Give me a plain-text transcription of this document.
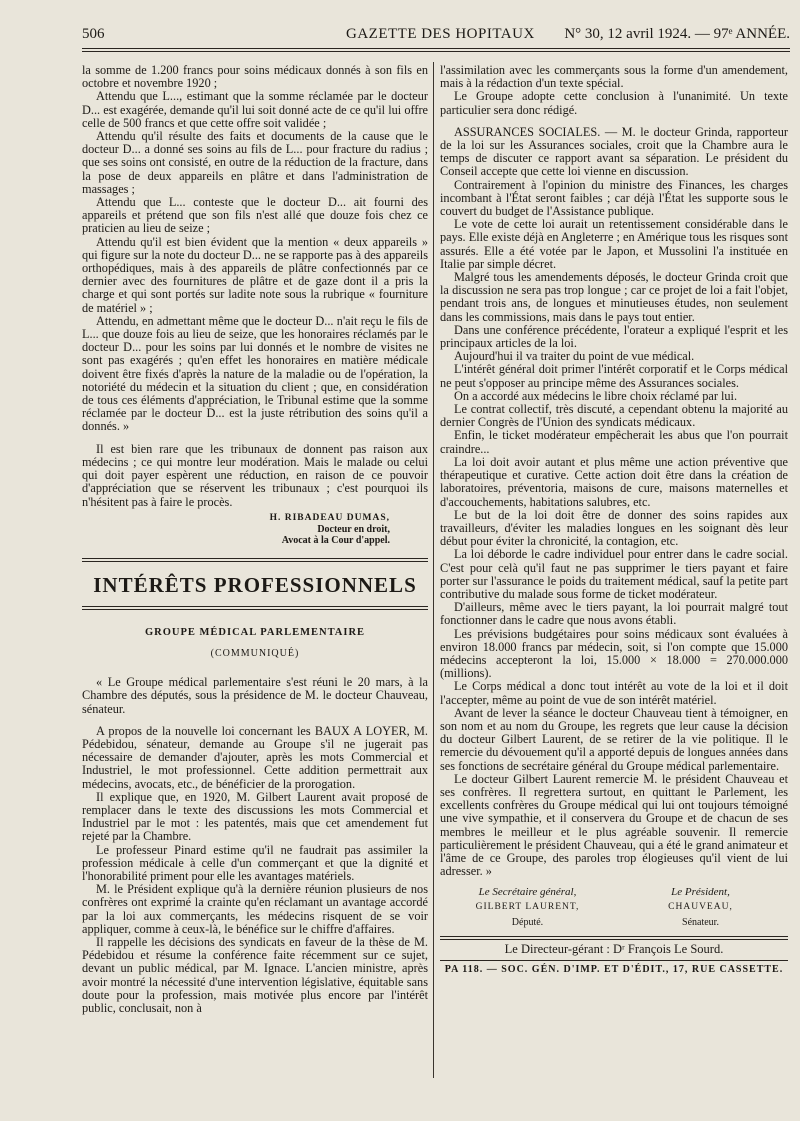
506	GAZETTE DES HOPITAUX N° 30, 12 avril 1924. — 97ᵉ ANNÉE.

la somme de 1.200 francs pour soins médicaux donnés à son fils en octobre et novembre 1920 ;

Attendu que L..., estimant que la somme réclamée par le docteur D... est exagérée, demande qu'il lui soit donné acte de ce qu'il lui offre celle de 500 francs et que cette offre soit validée ;

Attendu qu'il résulte des faits et documents de la cause que le docteur D... a donné ses soins au fils de L... pour fracture du radius ; que ses soins ont consisté, en outre de la réduction de la fracture, dans la pose de deux appareils en plâtre et dans l'administration de massages ;

Attendu que L... conteste que le docteur D... ait fourni des appareils et prétend que son fils n'est allé que douze fois chez ce praticien au lieu de seize ;

Attendu qu'il est bien évident que la mention « deux appareils » qui figure sur la note du docteur D... ne se rapporte pas à des appareils orthopédiques, mais à des appareils de plâtre confectionnés par ce dernier avec des fournitures de plâtre et de gaze dont il a pris la charge et qui sont portés sur ladite note sous la rubrique « fourniture de matériel » ;

Attendu, en admettant même que le docteur D... n'ait reçu le fils de L... que douze fois au lieu de seize, que les honoraires réclamés par le docteur D... pour les soins par lui donnés et le nombre de visites ne sont pas exagérés ; qu'en effet les honoraires en matière médicale doivent être fixés d'après la nature de la maladie ou de l'opération, la notoriété du médecin et la situation du client ; que, en considération de tous ces éléments d'appréciation, le Tribunal estime que la somme réclamée par le docteur D... est la juste rétribution des soins qu'il a donnés. »

Il est bien rare que les tribunaux de donnent pas raison aux médecins ; ce qui montre leur modération. Mais le malade ou celui qui doit payer espèrent une réduction, en raison de ce pouvoir d'appréciation que se réservent les tribunaux ; c'est pourquoi ils n'hésitent pas à faire le procès.

H. RIBADEAU DUMAS,
Docteur en droit,
Avocat à la Cour d'appel.
INTÉRÊTS PROFESSIONNELS
GROUPE MÉDICAL PARLEMENTAIRE
(COMMUNIQUÉ)

« Le Groupe médical parlementaire s'est réuni le 20 mars, à la Chambre des députés, sous la présidence de M. le docteur Chauveau, sénateur.

A propos de la nouvelle loi concernant les BAUX A LOYER, M. Pédebidou, sénateur, demande au Groupe s'il ne jugerait pas nécessaire de demander d'ajouter, après les mots Commercial et Industriel, le mot professionnel. Cette addition permettrait aux médecins, avocats, etc., de bénéficier de la prorogation.

Il explique que, en 1920, M. Gilbert Laurent avait proposé de remplacer dans le texte des discussions les mots Commercial et Industriel par le mot : les patentés, mais que cet amendement fut rejeté par la Chambre.

Le professeur Pinard estime qu'il ne faudrait pas assimiler la profession médicale à celle d'un commerçant et que la dignité et l'honorabilité priment pour elle les avantages matériels.

M. le Président explique qu'à la dernière réunion plusieurs de nos confrères ont exprimé la crainte qu'en réclamant un avantage accordé par la loi aux commerçants, les médecins risquent de se voir appliquer, comme à ceux-là, le bénéfice sur le chiffre d'affaires.

Il rappelle les décisions des syndicats en faveur de la thèse de M. Pédebidou et résume la conférence faite récemment sur ce sujet, devant un public médical, par M. Ignace. L'ancien ministre, après avoir montré la nécessité d'une intervention législative, équitable sans doute pour la profession, mais motivée plus encore par l'intérêt public, conclusait, non à

l'assimilation avec les commerçants sous la forme d'un amendement, mais à la rédaction d'un texte spécial.

Le Groupe adopte cette conclusion à l'unanimité. Un texte particulier sera donc rédigé.

ASSURANCES SOCIALES. — M. le docteur Grinda, rapporteur de la loi sur les Assurances sociales, croit que la Chambre aura le temps de discuter ce rapport avant sa séparation. Le président du Conseil accepte que cette loi vienne en discussion.

Contrairement à l'opinion du ministre des Finances, les charges incombant à l'État seront faibles ; car déjà l'État les supporte sous le couvert du budget de l'Assistance publique.

Le vote de cette loi aurait un retentissement considérable dans le pays. Elle existe déjà en Angleterre ; en Amérique tous les risques sont assurés. Elle a été votée par le Japon, et Mussolini l'a instituée en Italie par simple décret.

Malgré tous les amendements déposés, le docteur Grinda croit que la discussion ne sera pas trop longue ; car ce projet de loi a fait l'objet, pendant trois ans, de longues et minutieuses études, non seulement dans les commissions, mais dans le pays tout entier.

Dans une conférence précédente, l'orateur a expliqué l'esprit et les principaux articles de la loi.

Aujourd'hui il va traiter du point de vue médical.

L'intérêt général doit primer l'intérêt corporatif et le Corps médical ne peut s'opposer au principe même des Assurances sociales.

On a accordé aux médecins le libre choix réclamé par lui.

Le contrat collectif, très discuté, a cependant obtenu la majorité au dernier Congrès de l'Union des syndicats médicaux.

Enfin, le ticket modérateur empêcherait les abus que l'on pourrait craindre...

La loi doit avoir autant et plus même une action préventive que thérapeutique et curative. Cette action doit être dans la création de laboratoires, préventoria, maisons de cure, maisons maternelles et d'accouchements, habitations salubres, etc.

Le but de la loi doit être de donner des soins rapides aux travailleurs, d'éviter les maladies longues en les soignant dès leur début pour éviter la chronicité, la contagion, etc.

La loi déborde le cadre individuel pour entrer dans le cadre social. C'est pour celà qu'il faut ne pas supprimer le tiers payant et faire porter sur l'assurance le poids du traitement médical, sauf la petite part contributive du malade sous forme de ticket modérateur.

D'ailleurs, même avec le tiers payant, la loi pourrait malgré tout fonctionner dans le cadre que nous avons établi.

Les prévisions budgétaires pour soins médicaux sont évaluées à environ 18.000 francs par médecin, soit, si l'on compte que 15.000 médecins accepteront la loi, 15.000 × 18.000 = 270.000.000 (millions).

Le Corps médical a donc tout intérêt au vote de la loi et il doit l'accepter, même au point de vue de son intérêt matériel.

Avant de lever la séance le docteur Chauveau tient à témoigner, en son nom et au nom du Groupe, les regrets que leur cause la décision du docteur Gilbert Laurent, de se retirer de la vie politique. Il le remercie du dévouement qu'il a apporté depuis de longues années dans ses fonctions de secrétaire général du Groupe médical parlementaire.

Le docteur Gilbert Laurent remercie M. le président Chauveau et ses confrères. Il regrettera surtout, en quittant le Parlement, les excellents confrères du Groupe médical qui lui ont toujours témoigné une vive sympathie, et il conservera du Groupe et de chacun de ses membres le meilleur et le plus agréable souvenir. Il remercie particulièrement le président Chauveau, qui a été le grand animateur et l'âme de ce Groupe, des paroles trop élogieuses qu'il vient de lui adresser. »

Le Secrétaire général,	Le Président,
GILBERT LAURENT,	CHAUVEAU,
Député.	Sénateur.
Le Directeur-gérant : Dʳ François Le Sourd.
PA 118. — SOC. GÉN. D'IMP. ET D'ÉDIT., 17, RUE CASSETTE.
